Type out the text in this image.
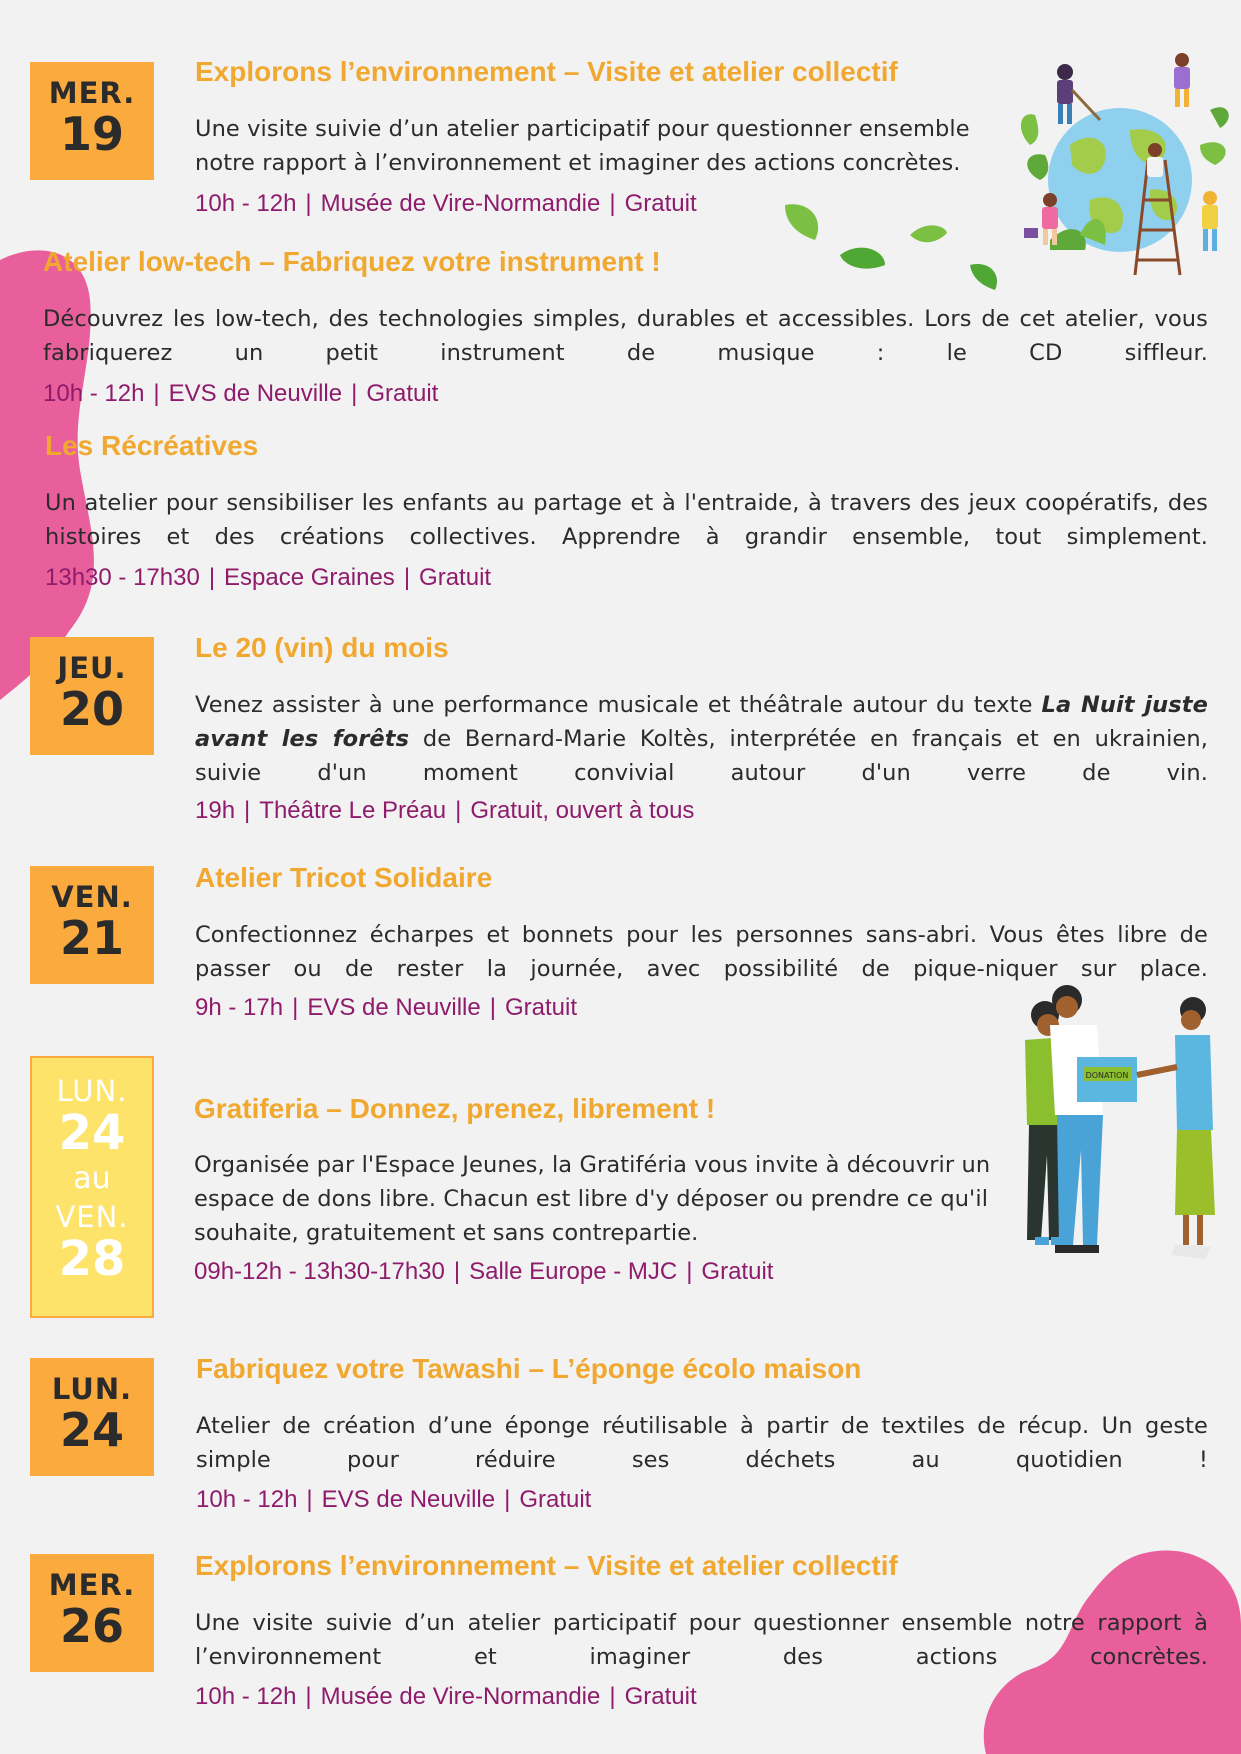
DONATION
MER.
19
Explorons l’environnement – Visite et atelier collectif

Une visite suivie d’un atelier participatif pour questionner ensemble notre rapport à l’environnement et imaginer des actions concrètes.

10h - 12h | Musée de Vire-Normandie | Gratuit

Atelier low-tech – Fabriquez votre instrument !

Découvrez les low-tech, des technologies simples, durables et accessibles. Lors de cet atelier, vous fabriquerez un petit instrument de musique : le CD siffleur.

10h - 12h | EVS de Neuville | Gratuit

Les Récréatives

Un atelier pour sensibiliser les enfants au partage et à l'entraide, à travers des jeux coopératifs, des histoires et des créations collectives. Apprendre à grandir ensemble, tout simplement.

13h30 - 17h30 | Espace Graines | Gratuit

JEU.
20
Le 20 (vin) du mois

Venez assister à une performance musicale et théâtrale autour du texte La Nuit juste avant les forêts de Bernard-Marie Koltès, interprétée en français et en ukrainien, suivie d'un moment convivial autour d'un verre de vin.

19h | Théâtre Le Préau | Gratuit, ouvert à tous

VEN.
21
Atelier Tricot Solidaire

Confectionnez écharpes et bonnets pour les personnes sans-abri. Vous êtes libre de passer ou de rester la journée, avec possibilité de pique-niquer sur place.

9h - 17h | EVS de Neuville | Gratuit

LUN.
24
au
VEN.
28
Gratiferia – Donnez, prenez, librement !

Organisée par l'Espace Jeunes, la Gratiféria vous invite à découvrir un espace de dons libre. Chacun est libre d'y déposer ou prendre ce qu'il souhaite, gratuitement et sans contrepartie.

09h-12h - 13h30-17h30 | Salle Europe - MJC | Gratuit

LUN.
24
Fabriquez votre Tawashi – L’éponge écolo maison

Atelier de création d’une éponge réutilisable à partir de textiles de récup. Un geste simple pour réduire ses déchets au quotidien !

10h - 12h | EVS de Neuville | Gratuit

MER.
26
Explorons l’environnement – Visite et atelier collectif

Une visite suivie d’un atelier participatif pour questionner ensemble notre rapport à l’environnement et imaginer des actions concrètes.

10h - 12h | Musée de Vire-Normandie | Gratuit
